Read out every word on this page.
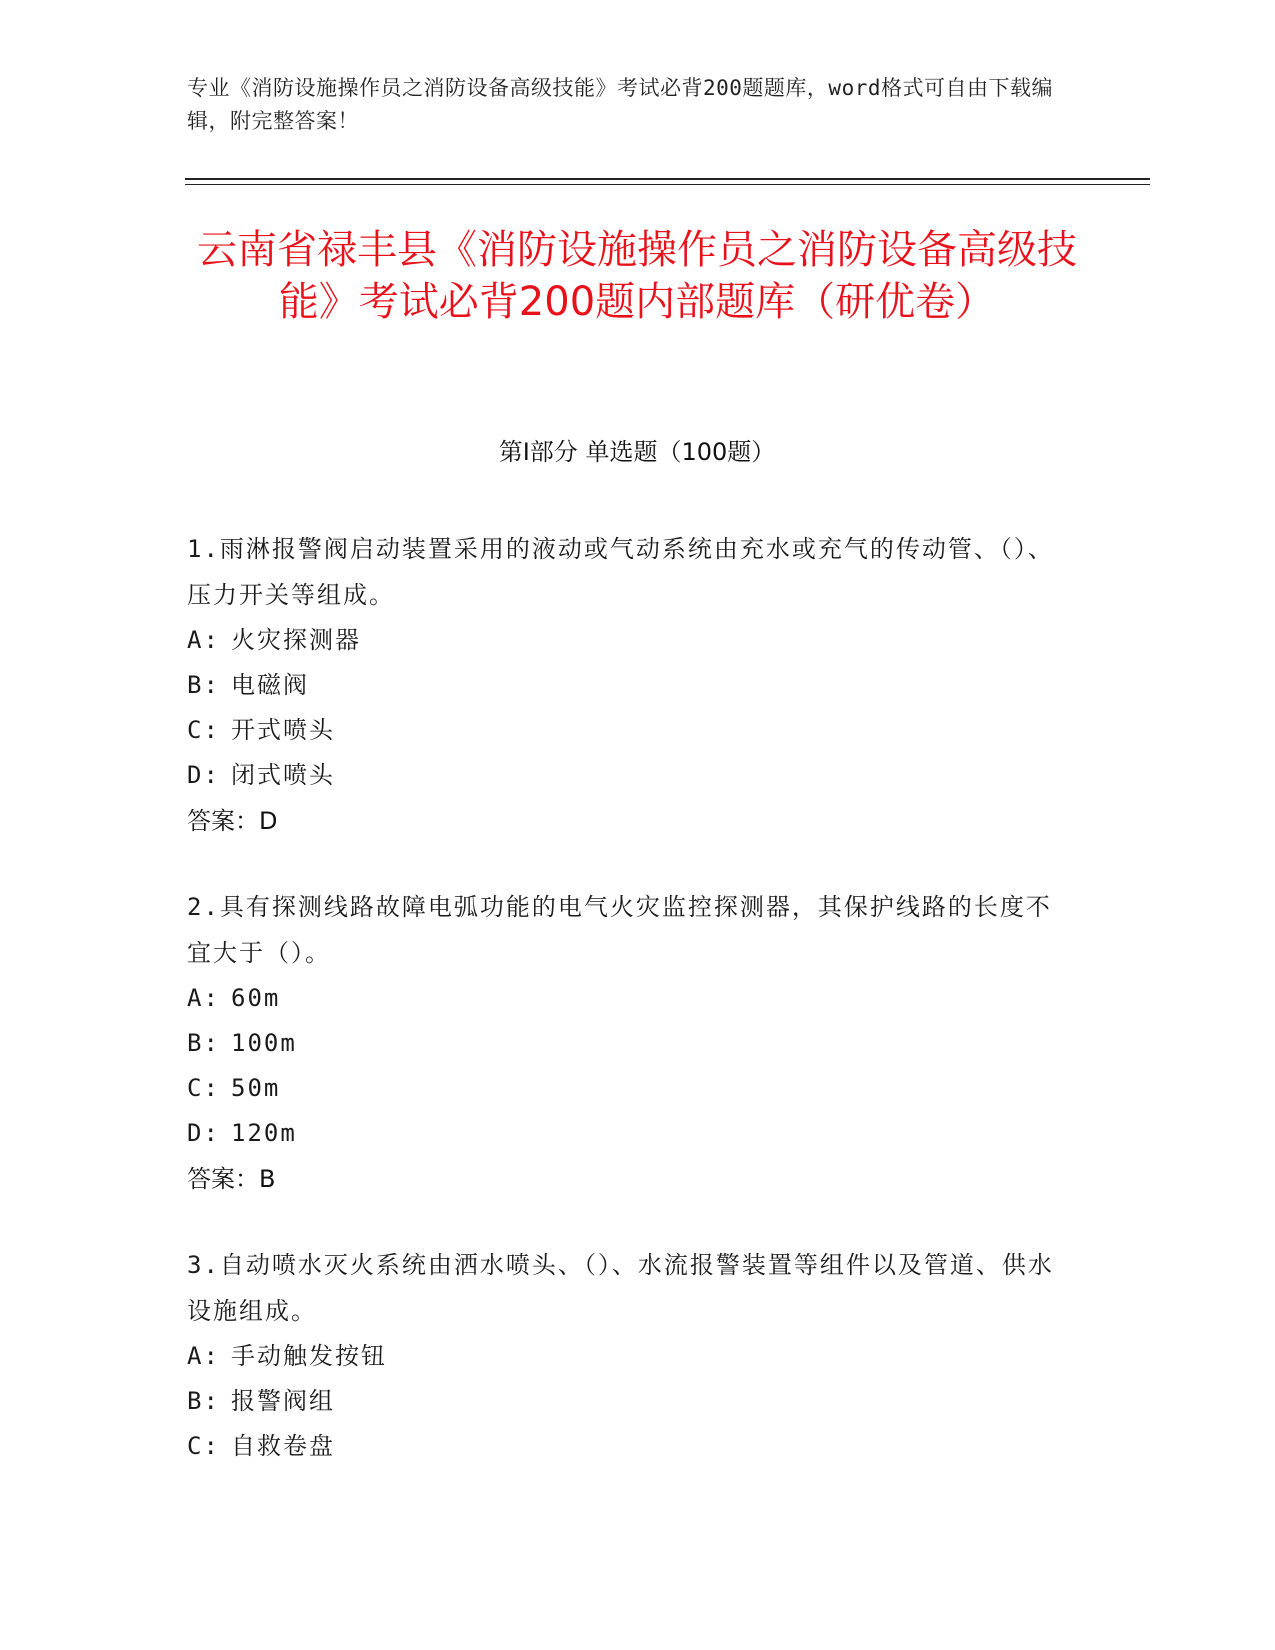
专业《消防设施操作员之消防设备高级技能》考试必背200题题库，word格式可自由下载编辑，附完整答案！
云南省禄丰县《消防设施操作员之消防设备高级技能》考试必背200题内部题库（研优卷）
第Ⅰ部分 单选题（100题）

1.雨淋报警阀启动装置采用的液动或气动系统由充水或充气的传动管、（）、压力开关等组成。

A: 火灾探测器
B: 电磁阀
C: 开式喷头
D: 闭式喷头
答案：D

2.具有探测线路故障电弧功能的电气火灾监控探测器，其保护线路的长度不宜大于（）。

A: 60m
B: 100m
C: 50m
D: 120m
答案：B

3.自动喷水灭火系统由洒水喷头、（）、水流报警装置等组件以及管道、供水设施组成。

A: 手动触发按钮
B: 报警阀组
C: 自救卷盘
